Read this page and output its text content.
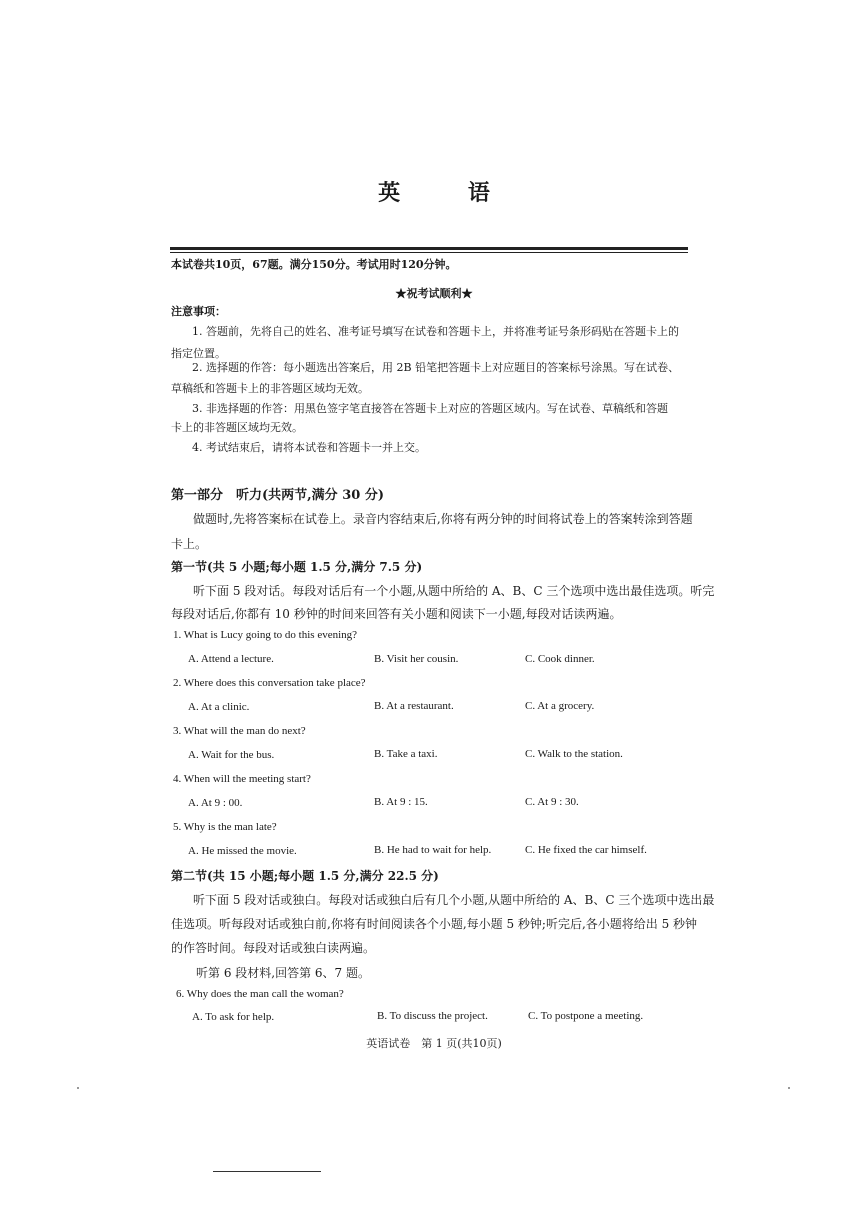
英 语
本试卷共10页，67题。满分150分。考试用时120分钟。
★祝考试顺利★
注意事项：
1. 答题前，先将自己的姓名、准考证号填写在试卷和答题卡上，并将准考证号条形码贴在答题卡上的
指定位置。
2. 选择题的作答：每小题选出答案后，用 2B 铅笔把答题卡上对应题目的答案标号涂黑。写在试卷、
草稿纸和答题卡上的非答题区域均无效。
3. 非选择题的作答：用黑色签字笔直接答在答题卡上对应的答题区域内。写在试卷、草稿纸和答题
卡上的非答题区域均无效。
4. 考试结束后，请将本试卷和答题卡一并上交。
第一部分　听力(共两节,满分 30 分)
做题时,先将答案标在试卷上。录音内容结束后,你将有两分钟的时间将试卷上的答案转涂到答题
卡上。
第一节(共 5 小题;每小题 1.5 分,满分 7.5 分)
听下面 5 段对话。每段对话后有一个小题,从题中所给的 A、B、C 三个选项中选出最佳选项。听完
每段对话后,你都有 10 秒钟的时间来回答有关小题和阅读下一小题,每段对话读两遍。
1. What is Lucy going to do this evening?
A. Attend a lecture.	B. Visit her cousin.	C. Cook dinner.
2. Where does this conversation take place?
A. At a clinic.	B. At a restaurant.	C. At a grocery.
3. What will the man do next?
A. Wait for the bus.	B. Take a taxi.	C. Walk to the station.
4. When will the meeting start?
A. At 9 : 00.	B. At 9 : 15.	C. At 9 : 30.
5. Why is the man late?
A. He missed the movie.	B. He had to wait for help.	C. He fixed the car himself.
第二节(共 15 小题;每小题 1.5 分,满分 22.5 分)
听下面 5 段对话或独白。每段对话或独白后有几个小题,从题中所给的 A、B、C 三个选项中选出最
佳选项。听每段对话或独白前,你将有时间阅读各个小题,每小题 5 秒钟;听完后,各小题将给出 5 秒钟
的作答时间。每段对话或独白读两遍。
听第 6 段材料,回答第 6、7 题。
6. Why does the man call the woman?
A. To ask for help.	B. To discuss the project.	C. To postpone a meeting.
英语试卷　第 1 页(共10页)
